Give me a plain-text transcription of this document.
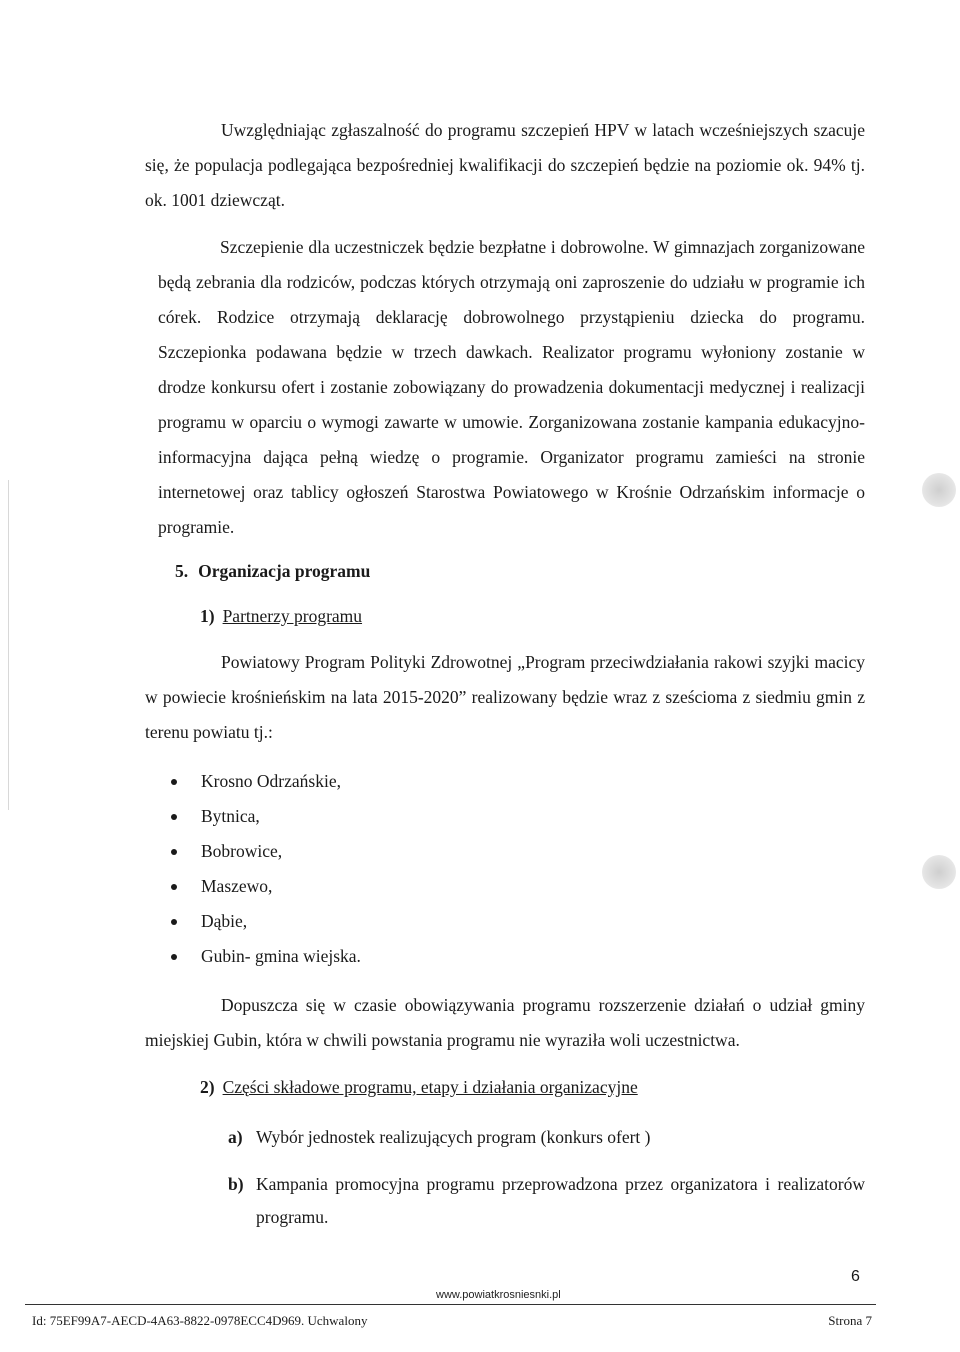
Uwzględniając zgłaszalność do programu szczepień HPV w latach wcześniejszych szacuje się, że populacja podlegająca bezpośredniej kwalifikacji do szczepień będzie na poziomie ok. 94% tj. ok. 1001 dziewcząt.

Szczepienie dla uczestniczek będzie bezpłatne i dobrowolne. W gimnazjach zorganizowane będą zebrania dla rodziców, podczas których otrzymają oni zaproszenie do udziału w programie ich córek. Rodzice otrzymają deklarację dobrowolnego przystąpieniu dziecka do programu. Szczepionka podawana będzie w trzech dawkach. Realizator programu wyłoniony zostanie w drodze konkursu ofert i zostanie zobowiązany do prowadzenia dokumentacji medycznej i realizacji programu w oparciu o wymogi zawarte w umowie. Zorganizowana zostanie kampania edukacyjno- informacyjna dająca pełną wiedzę o programie. Organizator programu zamieści na stronie internetowej oraz tablicy ogłoszeń Starostwa Powiatowego w Krośnie Odrzańskim informacje o programie.

5. Organizacja programu
1) Partnerzy programu

Powiatowy Program Polityki Zdrowotnej „Program przeciwdziałania rakowi szyjki macicy w powiecie krośnieńskim na lata 2015-2020” realizowany będzie wraz z sześcioma z siedmiu gmin z terenu powiatu tj.:

Krosno Odrzańskie,
Bytnica,
Bobrowice,
Maszewo,
Dąbie,
Gubin- gmina wiejska.

Dopuszcza się w czasie obowiązywania programu rozszerzenie działań o udział gminy miejskiej Gubin, która w chwili powstania programu nie wyraziła woli uczestnictwa.

2) Części składowe programu, etapy i działania organizacyjne
a) Wybór jednostek realizujących program (konkurs ofert )
b) Kampania promocyjna programu przeprowadzona przez organizatora i realizatorów programu.
6
www.powiatkrosniesnki.pl
Id: 75EF99A7-AECD-4A63-8822-0978ECC4D969. Uchwalony	Strona 7
